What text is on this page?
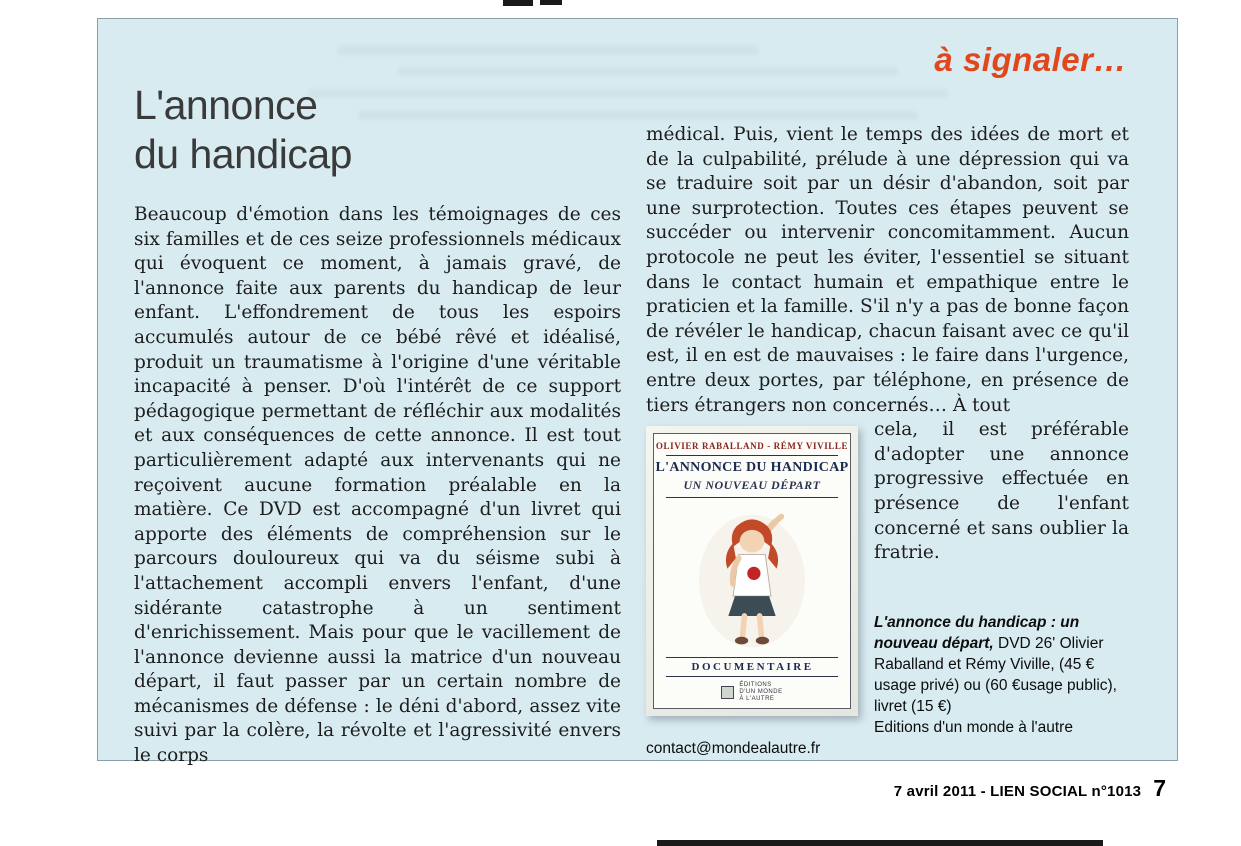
à signaler…
L'annonce
du handicap

Beaucoup d'émotion dans les témoignages de ces six familles et de ces seize professionnels médicaux qui évoquent ce moment, à jamais gravé, de l'annonce faite aux parents du handicap de leur enfant. L'effondrement de tous les espoirs accumulés autour de ce bébé rêvé et idéalisé, produit un traumatisme à l'origine d'une véritable incapacité à penser. D'où l'intérêt de ce support pédagogique permettant de réfléchir aux modalités et aux conséquences de cette annonce. Il est tout particulièrement adapté aux intervenants qui ne reçoivent aucune formation préalable en la matière. Ce DVD est accompagné d'un livret qui apporte des éléments de compréhension sur le parcours douloureux qui va du séisme subi à l'attachement accompli envers l'enfant, d'une sidérante catastrophe à un sentiment d'enrichissement. Mais pour que le vacillement de l'annonce devienne aussi la matrice d'un nouveau départ, il faut passer par un certain nombre de mécanismes de défense : le déni d'abord, assez vite suivi par la colère, la révolte et l'agressivité envers le corps

médical. Puis, vient le temps des idées de mort et de la culpabilité, prélude à une dépression qui va se traduire soit par un désir d'abandon, soit par une surprotection. Toutes ces étapes peuvent se succéder ou intervenir concomitamment. Aucun protocole ne peut les éviter, l'essentiel se situant dans le contact humain et empathique entre le praticien et la famille. S'il n'y a pas de bonne façon de révéler le handicap, chacun faisant avec ce qu'il est, il en est de mauvaises : le faire dans l'urgence, entre deux portes, par téléphone, en présence de tiers étrangers non concernés… À tout

OLIVIER RABALLAND - RÉMY VIVILLE
L'ANNONCE DU HANDICAP
UN NOUVEAU DÉPART
DOCUMENTAIRE
ÉDITIONS
D'UN MONDE
À L'AUTRE

cela, il est préférable d'adopter une annonce progressive effectuée en présence de l'enfant concerné et sans oublier la fratrie.

L'annonce du handicap : un nouveau départ, DVD 26' Olivier Raballand et Rémy Viville, (45 € usage privé) ou (60 €usage public), livret (15 €)

Editions d'un monde à l'autre

contact@mondealautre.fr

7 avril 2011 - LIEN SOCIAL n°1013 7
